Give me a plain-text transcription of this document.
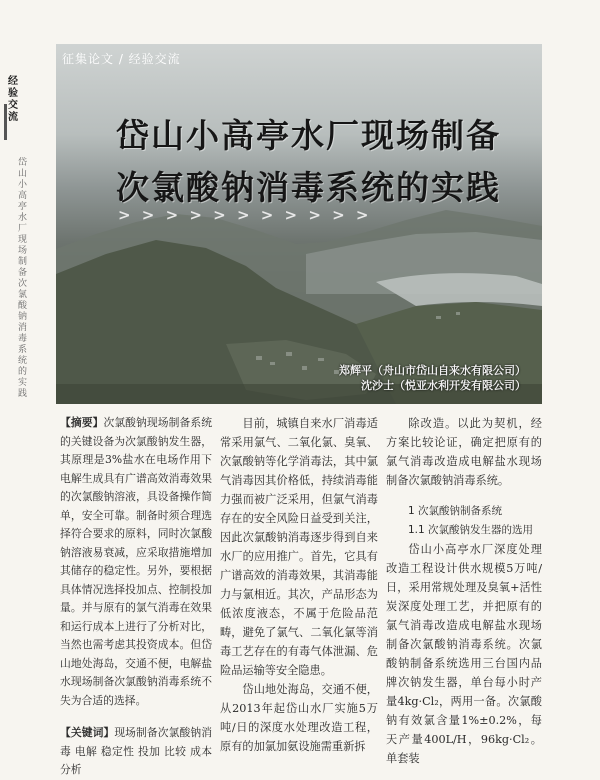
经验交流
岱山小高亭水厂现场制备次氯酸钠消毒系统的实践
征集论文 / 经验交流
岱山小高亭水厂现场制备
次氯酸钠消毒系统的实践
> > > > > > > > > > >
郑辉平（舟山市岱山自来水有限公司）
沈沙士（悦亚水利开发有限公司）

【摘要】次氯酸钠现场制备系统的关键设备为次氯酸钠发生器，其原理是3%盐水在电场作用下电解生成具有广谱高效消毒效果的次氯酸钠溶液，具设备操作简单，安全可靠。制备时须合理选择符合要求的原料，同时次氯酸钠溶液易衰减，应采取措施增加其储存的稳定性。另外，要根据具体情况选择投加点、控制投加量。并与原有的氯气消毒在效果和运行成本上进行了分析对比，当然也需考虑其投资成本。但岱山地处海岛，交通不便，电解盐水现场制备次氯酸钠消毒系统不失为合适的选择。

【关键词】现场制备次氯酸钠消毒 电解 稳定性 投加 比较 成本分析

目前，城镇自来水厂消毒适常采用氯气、二氧化氯、臭氧、次氯酸钠等化学消毒法，其中氯气消毒因其价格低，持续消毒能力强而被广泛采用，但氯气消毒存在的安全风险日益受到关注，因此次氯酸钠消毒逐步得到自来水厂的应用推广。首先，它具有广谱高效的消毒效果，其消毒能力与氯相近。其次，产品形态为低浓度液态，不属于危险品范畴，避免了氯气、二氧化氯等消毒工艺存在的有毒气体泄漏、危险品运输等安全隐患。

岱山地处海岛，交通不便，从2013年起岱山水厂实施5万吨/日的深度水处理改造工程，原有的加氯加氨设施需重新拆

除改造。以此为契机，经方案比较论证，确定把原有的氯气消毒改造成电解盐水现场制备次氯酸钠消毒系统。

1 次氯酸钠制备系统

1.1 次氯酸钠发生器的选用

岱山小高亭水厂深度处理改造工程设计供水规模5万吨/日，采用常规处理及臭氧+活性炭深度处理工艺，并把原有的氯气消毒改造成电解盐水现场制备次氯酸钠消毒系统。次氯酸钠制备系统选用三台国内品牌次钠发生器，单台每小时产量4kg·Cl₂，两用一备。次氯酸钠有效氯含量1%±0.2%，每天产量400L/H，96kg·Cl₂。单套装
